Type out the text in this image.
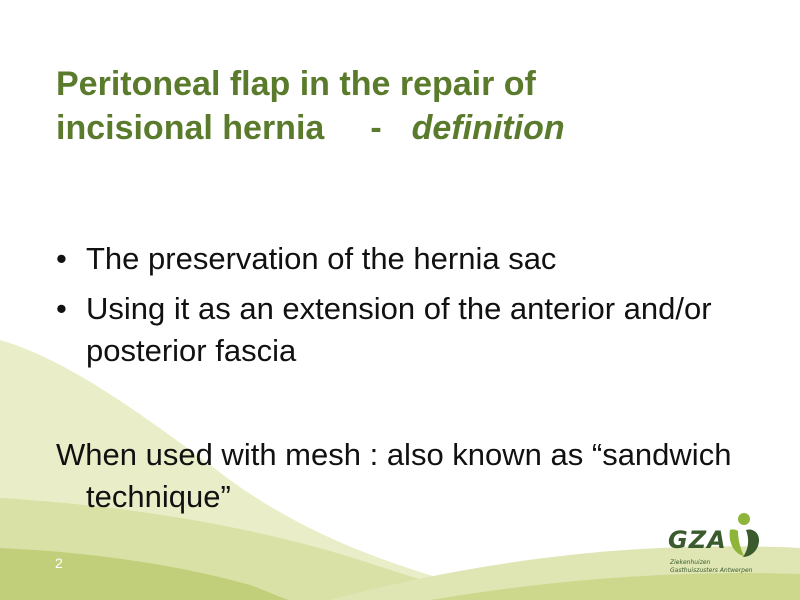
Peritoneal flap in the repair of
incisional hernia - definition
• The preservation of the hernia sac
• Using it as an extension of the anterior and/or posterior fascia

When used with mesh : also known as “sandwich technique”

2
GZA
Ziekenhuizen
Gasthuiszusters Antwerpen
